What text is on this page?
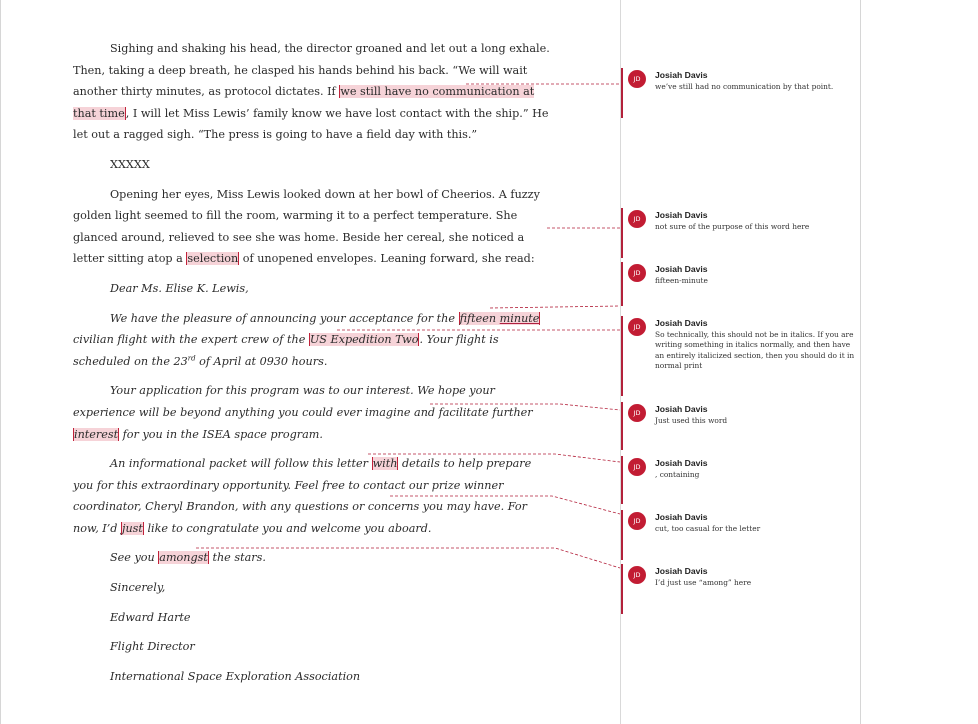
Sighing and shaking his head, the director groaned and let out a long exhale. Then, taking a deep breath, he clasped his hands behind his back. “We will wait another thirty minutes, as protocol dictates. If we still have no communication at that time, I will let Miss Lewis’ family know we have lost contact with the ship.” He let out a ragged sigh. “The press is going to have a field day with this.”

XXXXX

Opening her eyes, Miss Lewis looked down at her bowl of Cheerios. A fuzzy golden light seemed to fill the room, warming it to a perfect temperature. She glanced around, relieved to see she was home. Beside her cereal, she noticed a letter sitting atop a selection of unopened envelopes. Leaning forward, she read:

Dear Ms. Elise K. Lewis,

We have the pleasure of announcing your acceptance for the fifteen minute civilian flight with the expert crew of the US Expedition Two. Your flight is scheduled on the 23rd of April at 0930 hours.

Your application for this program was to our interest. We hope your experience will be beyond anything you could ever imagine and facilitate further interest for you in the ISEA space program.

An informational packet will follow this letter with details to help prepare you for this extraordinary opportunity. Feel free to contact our prize winner coordinator, Cheryl Brandon, with any questions or concerns you may have. For now, I’d just like to congratulate you and welcome you aboard.

See you amongst the stars.

Sincerely,

Edward Harte

Flight Director

International Space Exploration Association

JD	Josiah Davis
we’ve still had no communication by that point.
JD	Josiah Davis
not sure of the purpose of this word here
JD	Josiah Davis
fifteen-minute
JD	Josiah Davis
So technically, this should not be in italics. If you are writing something in italics normally, and then have an entirely italicized section, then you should do it in normal print
JD	Josiah Davis
Just used this word
JD	Josiah Davis
, containing
JD	Josiah Davis
cut, too casual for the letter
JD	Josiah Davis
I’d just use “among” here
